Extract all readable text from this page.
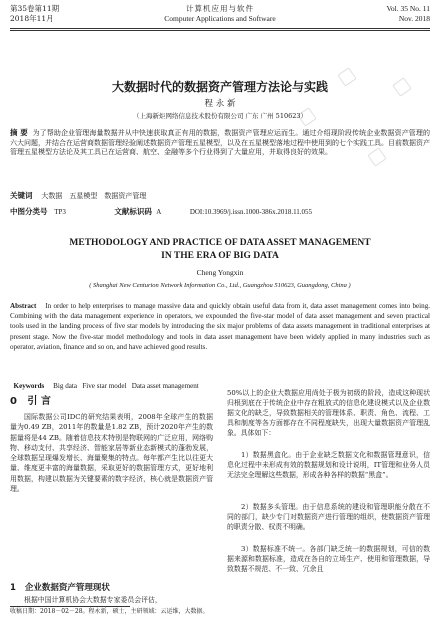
第35卷第11期
2018年11月
计算机应用与软件
Computer Applications and Software
Vol. 35 No. 11
Nov. 2018
大数据时代的数据资产管理方法论与实践
程 永 新
（上海新炬网络信息技术股份有限公司 广东 广州 510623）
摘 要 为了帮助企业管理海量数据并从中快速获取真正有用的数据，数据资产管理应运而生。通过介绍现阶段传统企业数据资产管理的六大问题，并结合在运营商数据管理经验阐述数据资产管理五星模型，以及在五星模型落地过程中使用到的七个实践工具。目前数据资产管理五星模型方法论及其工具已在运营商、航空、金融等多个行业得到了大量应用，并取得良好的效果。
关键词 大数据　五星模型　数据资产管理
中图分类号 TP3	文献标识码 A	DOI:10.3969/j.issn.1000-386x.2018.11.055
METHODOLOGY AND PRACTICE OF DATA ASSET MANAGEMENT
IN THE ERA OF BIG DATA
Cheng Yongxin
( Shanghai New Centurion Network Information Co., Ltd., Guangzhou 510623, Guangdong, China )
Abstract In order to help enterprises to manage massive data and quickly obtain useful data from it, data asset management comes into being. Combining with the data management experience in operators, we expounded the five-star model of data asset management and seven practical tools used in the landing process of five star models by introducing the six major problems of data assets management in traditional enterprises at present stage. Now the five-star model methodology and tools in data asset management have been widely applied in many industries such as operator, aviation, finance and so on, and have achieved good results.

Keywords Big data   Five star model   Data asset management

0 引 言
国际数据公司IDC的研究结果表明，2008年全球产生的数据量为0.49 ZB，2011年的数量是1.82 ZB，预计2020年产生的数据量将是44 ZB。随着信息技术特别是物联网的广泛应用，网络购物、移动支付、共享经济、智能家居等新业态新模式的蓬勃发展，全球数据呈现爆发增长、海量聚集的特点。每年都产生比以往更大量、维度更丰富的海量数据，采取更好的数据管理方式，更好地利用数据，构建以数据为关键要素的数字经济，核心就是数据资产管理。
1 企业数据资产管理现状
根据中国计算机协会大数据专家委员会评估，
50%以上的企业大数据应用尚处于极为初级的阶段，造成这种现状归根到底在于传统企业中存在粗放式的信息化建设模式以及企业数据文化的缺乏，导致数据相关的管理体系、职责、角色、流程、工具和制度等各方面都存在不同程度缺失，出现大量数据资产管理乱象。具体如下：
1）数据黑盒化。由于企业缺乏数据文化和数据管理意识，信息化过程中未形成有效的数据规划和设计说明，IT管理和业务人员无法完全理解这些数据，形成各种各样的数据“黑盒”。
2）数据多头管理。由于信息系统的建设和管理职能分散在不同的部门，缺少专门对数据资产进行管理的组织，使数据资产管理的职责分散、权责不明确。
3）数据标准不统一。各部门缺乏统一的数据规划，可信的数据来源和数据标准，造成在各自的立场生产、使用和管理数据，导致数据不规范、不一致、冗余且
收稿日期：2018－02－28。程永新，硕士，主研领域：云运维，大数据。
